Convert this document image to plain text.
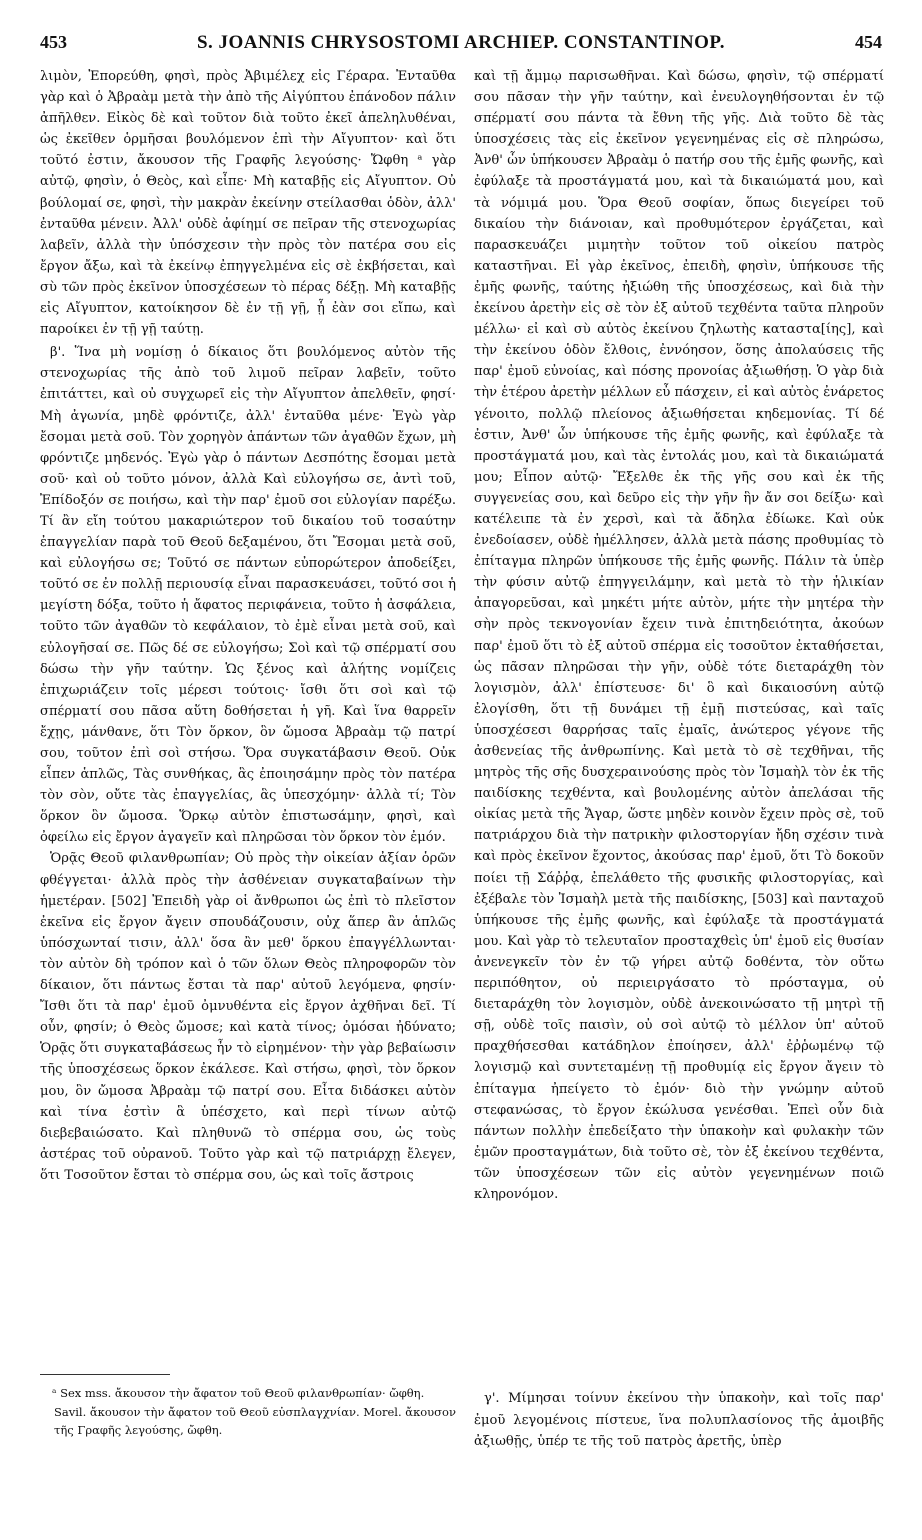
453	S. JOANNIS CHRYSOSTOMI ARCHIEP. CONSTANTINOP.	454

λιμὸν, Ἐπορεύθη, φησὶ, πρὸς Ἀβιμέλεχ εἰς Γέραρα. Ἐνταῦθα γὰρ καὶ ὁ Ἀβραὰμ μετὰ τὴν ἀπὸ τῆς Αἰγύπτου ἐπάνοδον πάλιν ἀπῆλθεν. Εἰκὸς δὲ καὶ τοῦτον διὰ τοῦτο ἐκεῖ ἀπεληλυθέναι, ὡς ἐκεῖθεν ὁρμῆσαι βουλόμενον ἐπὶ τὴν Αἴγυπτον· καὶ ὅτι τοῦτό ἐστιν, ἄκουσον τῆς Γραφῆς λεγούσης· Ὤφθη ᵃ γὰρ αὐτῷ, φησὶν, ὁ Θεὸς, καὶ εἶπε· Μὴ καταβῇς εἰς Αἴγυπτον. Οὐ βούλομαί σε, φησὶ, τὴν μακρὰν ἐκείνην στείλασθαι ὁδὸν, ἀλλ' ἐνταῦθα μένειν. Ἀλλ' οὐδὲ ἀφίημί σε πεῖραν τῆς στενοχωρίας λαβεῖν, ἀλλὰ τὴν ὑπόσχεσιν τὴν πρὸς τὸν πατέρα σου εἰς ἔργον ἄξω, καὶ τὰ ἐκείνῳ ἐπηγγελμένα εἰς σὲ ἐκβήσεται, καὶ σὺ τῶν πρὸς ἐκεῖνον ὑποσχέσεων τὸ πέρας δέξῃ. Μὴ καταβῇς εἰς Αἴγυπτον, κατοίκησον δὲ ἐν τῇ γῇ, ᾗ ἐὰν σοι εἴπω, καὶ παροίκει ἐν τῇ γῇ ταύτῃ.

β'. Ἵνα μὴ νομίσῃ ὁ δίκαιος ὅτι βουλόμενος αὐτὸν τῆς στενοχωρίας τῆς ἀπὸ τοῦ λιμοῦ πεῖραν λαβεῖν, τοῦτο ἐπιτάττει, καὶ οὐ συγχωρεῖ εἰς τὴν Αἴγυπτον ἀπελθεῖν, φησί· Μὴ ἀγωνία, μηδὲ φρόντιζε, ἀλλ' ἐνταῦθα μένε· Ἐγὼ γὰρ ἔσομαι μετὰ σοῦ. Τὸν χορηγὸν ἁπάντων τῶν ἀγαθῶν ἔχων, μὴ φρόντιζε μηδενός. Ἐγὼ γὰρ ὁ πάντων Δεσπότης ἔσομαι μετὰ σοῦ· καὶ οὐ τοῦτο μόνον, ἀλλὰ Καὶ εὐλογήσω σε, ἀντὶ τοῦ, Ἐπίδοξόν σε ποιήσω, καὶ τὴν παρ' ἐμοῦ σοι εὐλογίαν παρέξω. Τί ἂν εἴη τούτου μακαριώτερον τοῦ δικαίου τοῦ τοσαύτην ἐπαγγελίαν παρὰ τοῦ Θεοῦ δεξαμένου, ὅτι Ἔσομαι μετὰ σοῦ, καὶ εὐλογήσω σε; Τοῦτό σε πάντων εὐπορώτερον ἀποδείξει, τοῦτό σε ἐν πολλῇ περιουσίᾳ εἶναι παρασκευάσει, τοῦτό σοι ἡ μεγίστη δόξα, τοῦτο ἡ ἄφατος περιφάνεια, τοῦτο ἡ ἀσφάλεια, τοῦτο τῶν ἀγαθῶν τὸ κεφάλαιον, τὸ ἐμὲ εἶναι μετὰ σοῦ, καὶ εὐλογῆσαί σε. Πῶς δέ σε εὐλογήσω; Σοὶ καὶ τῷ σπέρματί σου δώσω τὴν γῆν ταύτην. Ὡς ξένος καὶ ἀλήτης νομίζεις ἐπιχωριάζειν τοῖς μέρεσι τούτοις· ἴσθι ὅτι σοὶ καὶ τῷ σπέρματί σου πᾶσα αὕτη δοθήσεται ἡ γῆ. Καὶ ἵνα θαρρεῖν ἔχῃς, μάνθανε, ὅτι Τὸν ὅρκον, ὃν ὤμοσα Ἀβραὰμ τῷ πατρί σου, τοῦτον ἐπὶ σοὶ στήσω. Ὅρα συγκατάβασιν Θεοῦ. Οὐκ εἶπεν ἁπλῶς, Τὰς συνθήκας, ἃς ἐποιησάμην πρὸς τὸν πατέρα τὸν σὸν, οὔτε τὰς ἐπαγγελίας, ἃς ὑπεσχόμην· ἀλλὰ τί; Τὸν ὅρκον ὃν ὤμοσα. Ὅρκῳ αὐτὸν ἐπιστωσάμην, φησὶ, καὶ ὀφείλω εἰς ἔργον ἀγαγεῖν καὶ πληρῶσαι τὸν ὅρκον τὸν ἐμόν.

Ὁρᾷς Θεοῦ φιλανθρωπίαν; Οὐ πρὸς τὴν οἰκείαν ἀξίαν ὁρῶν φθέγγεται· ἀλλὰ πρὸς τὴν ἀσθένειαν συγκαταβαίνων τὴν ἡμετέραν. [502] Ἐπειδὴ γὰρ οἱ ἄνθρωποι ὡς ἐπὶ τὸ πλεῖστον ἐκεῖνα εἰς ἔργον ἄγειν σπουδάζουσιν, οὐχ ἅπερ ἂν ἁπλῶς ὑπόσχωνταί τισιν, ἀλλ' ὅσα ἂν μεθ' ὅρκου ἐπαγγέλλωνται· τὸν αὐτὸν δὴ τρόπον καὶ ὁ τῶν ὅλων Θεὸς πληροφορῶν τὸν δίκαιον, ὅτι πάντως ἔσται τὰ παρ' αὐτοῦ λεγόμενα, φησίν· Ἴσθι ὅτι τὰ παρ' ἐμοῦ ὀμνυθέντα εἰς ἔργον ἀχθῆναι δεῖ. Τί οὖν, φησίν; ὁ Θεὸς ὤμοσε; καὶ κατὰ τίνος; ὀμόσαι ἠδύνατο; Ὁρᾷς ὅτι συγκαταβάσεως ἦν τὸ εἰρημένον· τὴν γὰρ βεβαίωσιν τῆς ὑποσχέσεως ὅρκον ἐκάλεσε. Καὶ στήσω, φησὶ, τὸν ὅρκον μου, ὃν ὤμοσα Ἀβραὰμ τῷ πατρί σου. Εἶτα διδάσκει αὐτὸν καὶ τίνα ἐστὶν ἃ ὑπέσχετο, καὶ περὶ τίνων αὐτῷ διεβεβαιώσατο. Καὶ πληθυνῶ τὸ σπέρμα σου, ὡς τοὺς ἀστέρας τοῦ οὐρανοῦ. Τοῦτο γὰρ καὶ τῷ πατριάρχῃ ἔλεγεν, ὅτι Τοσοῦτον ἔσται τὸ σπέρμα σου, ὡς καὶ τοῖς ἄστροις

ᵃ Sex mss. ἄκουσον τὴν ἄφατον τοῦ Θεοῦ φιλανθρωπίαν· ὤφθη. Savil. ἄκουσον τὴν ἄφατον τοῦ Θεοῦ εὐσπλαγχνίαν. Morel. ἄκουσον τῆς Γραφῆς λεγούσης, ὤφθη.

καὶ τῇ ἄμμῳ παρισωθῆναι. Καὶ δώσω, φησὶν, τῷ σπέρματί σου πᾶσαν τὴν γῆν ταύτην, καὶ ἐνευλογηθήσονται ἐν τῷ σπέρματί σου πάντα τὰ ἔθνη τῆς γῆς. Διὰ τοῦτο δὲ τὰς ὑποσχέσεις τὰς εἰς ἐκεῖνον γεγενημένας εἰς σὲ πληρώσω, Ἀνθ' ὧν ὑπήκουσεν Ἀβραὰμ ὁ πατήρ σου τῆς ἐμῆς φωνῆς, καὶ ἐφύλαξε τὰ προστάγματά μου, καὶ τὰ δικαιώματά μου, καὶ τὰ νόμιμά μου. Ὅρα Θεοῦ σοφίαν, ὅπως διεγείρει τοῦ δικαίου τὴν διάνοιαν, καὶ προθυμότερον ἐργάζεται, καὶ παρασκευάζει μιμητὴν τοῦτον τοῦ οἰκείου πατρὸς καταστῆναι. Εἰ γὰρ ἐκεῖνος, ἐπειδὴ, φησὶν, ὑπήκουσε τῆς ἐμῆς φωνῆς, ταύτης ἠξιώθη τῆς ὑποσχέσεως, καὶ διὰ τὴν ἐκείνου ἀρετὴν εἰς σὲ τὸν ἐξ αὐτοῦ τεχθέντα ταῦτα πληροῦν μέλλω· εἰ καὶ σὺ αὐτὸς ἐκείνου ζηλωτὴς καταστα[ίης], καὶ τὴν ἐκείνου ὁδὸν ἔλθοις, ἐννόησον, ὅσης ἀπολαύσεις τῆς παρ' ἐμοῦ εὐνοίας, καὶ πόσης προνοίας ἀξιωθήσῃ. Ὁ γὰρ διὰ τὴν ἑτέρου ἀρετὴν μέλλων εὖ πάσχειν, εἰ καὶ αὐτὸς ἐνάρετος γένοιτο, πολλῷ πλείονος ἀξιωθήσεται κηδεμονίας. Τί δέ ἐστιν, Ἀνθ' ὧν ὑπήκουσε τῆς ἐμῆς φωνῆς, καὶ ἐφύλαξε τὰ προστάγματά μου, καὶ τὰς ἐντολάς μου, καὶ τὰ δικαιώματά μου; Εἶπον αὐτῷ· Ἔξελθε ἐκ τῆς γῆς σου καὶ ἐκ τῆς συγγενείας σου, καὶ δεῦρο εἰς τὴν γῆν ἣν ἄν σοι δείξω· καὶ κατέλειπε τὰ ἐν χερσὶ, καὶ τὰ ἄδηλα ἐδίωκε. Καὶ οὐκ ἐνεδοίασεν, οὐδὲ ἠμέλλησεν, ἀλλὰ μετὰ πάσης προθυμίας τὸ ἐπίταγμα πληρῶν ὑπήκουσε τῆς ἐμῆς φωνῆς. Πάλιν τὰ ὑπὲρ τὴν φύσιν αὐτῷ ἐπηγγειλάμην, καὶ μετὰ τὸ τὴν ἡλικίαν ἀπαγορεῦσαι, καὶ μηκέτι μήτε αὐτὸν, μήτε τὴν μητέρα τὴν σὴν πρὸς τεκνογονίαν ἔχειν τινὰ ἐπιτηδειότητα, ἀκούων παρ' ἐμοῦ ὅτι τὸ ἐξ αὐτοῦ σπέρμα εἰς τοσοῦτον ἐκταθήσεται, ὡς πᾶσαν πληρῶσαι τὴν γῆν, οὐδὲ τότε διεταράχθη τὸν λογισμὸν, ἀλλ' ἐπίστευσε· δι' ὃ καὶ δικαιοσύνη αὐτῷ ἐλογίσθη, ὅτι τῇ δυνάμει τῇ ἐμῇ πιστεύσας, καὶ ταῖς ὑποσχέσεσι θαρρήσας ταῖς ἐμαῖς, ἀνώτερος γέγονε τῆς ἀσθενείας τῆς ἀνθρωπίνης. Καὶ μετὰ τὸ σὲ τεχθῆναι, τῆς μητρὸς τῆς σῆς δυσχεραινούσης πρὸς τὸν Ἰσμαὴλ τὸν ἐκ τῆς παιδίσκης τεχθέντα, καὶ βουλομένης αὐτὸν ἀπελάσαι τῆς οἰκίας μετὰ τῆς Ἄγαρ, ὥστε μηδὲν κοινὸν ἔχειν πρὸς σὲ, τοῦ πατριάρχου διὰ τὴν πατρικὴν φιλοστοργίαν ἤδη σχέσιν τινὰ καὶ πρὸς ἐκεῖνον ἔχοντος, ἀκούσας παρ' ἐμοῦ, ὅτι Τὸ δοκοῦν ποίει τῇ Σάῤῥᾳ, ἐπελάθετο τῆς φυσικῆς φιλοστοργίας, καὶ ἐξέβαλε τὸν Ἰσμαὴλ μετὰ τῆς παιδίσκης, [503] καὶ πανταχοῦ ὑπήκουσε τῆς ἐμῆς φωνῆς, καὶ ἐφύλαξε τὰ προστάγματά μου. Καὶ γὰρ τὸ τελευταῖον προσταχθεὶς ὑπ' ἐμοῦ εἰς θυσίαν ἀνενεγκεῖν τὸν ἐν τῷ γήρει αὐτῷ δοθέντα, τὸν οὕτω περιπόθητον, οὐ περιειργάσατο τὸ πρόσταγμα, οὐ διεταράχθη τὸν λογισμὸν, οὐδὲ ἀνεκοινώσατο τῇ μητρὶ τῇ σῇ, οὐδὲ τοῖς παισὶν, οὐ σοὶ αὐτῷ τὸ μέλλον ὑπ' αὐτοῦ πραχθήσεσθαι κατάδηλον ἐποίησεν, ἀλλ' ἐῤῥωμένῳ τῷ λογισμῷ καὶ συντεταμένῃ τῇ προθυμίᾳ εἰς ἔργον ἄγειν τὸ ἐπίταγμα ἠπείγετο τὸ ἐμόν· διὸ τὴν γνώμην αὐτοῦ στεφανώσας, τὸ ἔργον ἐκώλυσα γενέσθαι. Ἐπεὶ οὖν διὰ πάντων πολλὴν ἐπεδείξατο τὴν ὑπακοὴν καὶ φυλακὴν τῶν ἐμῶν προσταγμάτων, διὰ τοῦτο σὲ, τὸν ἐξ ἐκείνου τεχθέντα, τῶν ὑποσχέσεων τῶν εἰς αὐτὸν γεγενημένων ποιῶ κληρονόμον.

γ'. Μίμησαι τοίνυν ἐκείνου τὴν ὑπακοὴν, καὶ τοῖς παρ' ἐμοῦ λεγομένοις πίστευε, ἵνα πολυπλασίονος τῆς ἀμοιβῆς ἀξιωθῇς, ὑπέρ τε τῆς τοῦ πατρὸς ἀρετῆς, ὑπὲρ
